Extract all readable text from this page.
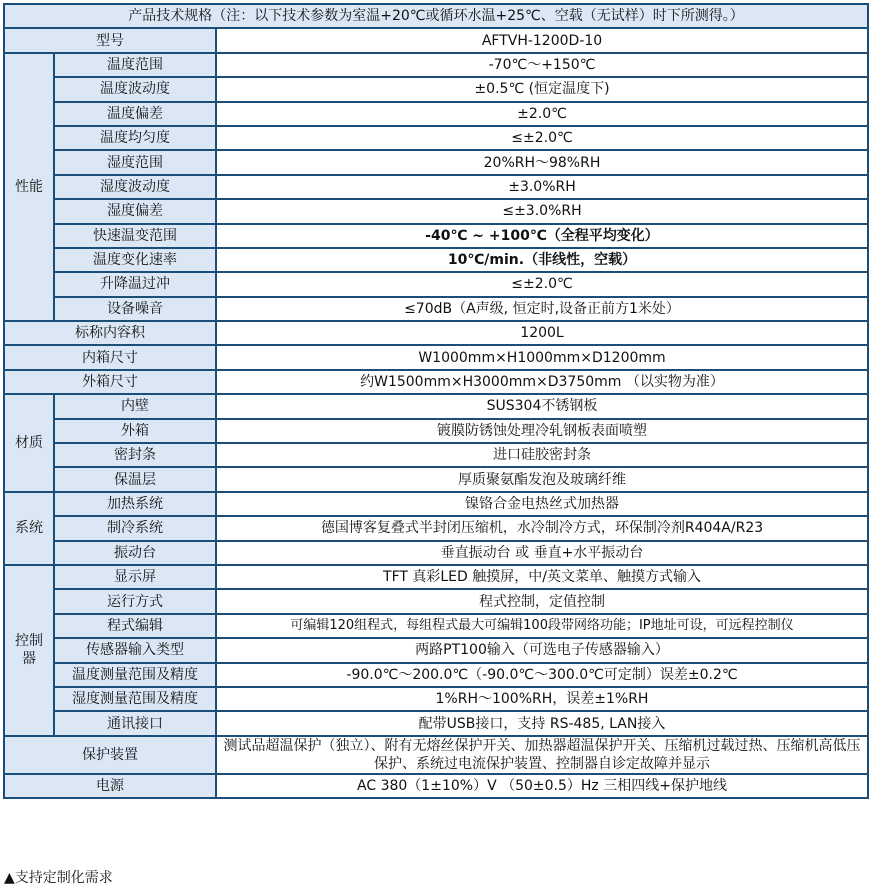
产品技术规格（注：以下技术参数为室温+20℃或循环水温+25℃、空载（无试样）时下所测得。）		
型号		AFTVH-1200D-10
性能	温度范围	-70℃～+150℃
	温度波动度	±0.5℃ (恒定温度下)
	温度偏差	±2.0℃
	温度均匀度	≤±2.0℃
	湿度范围	20%RH～98%RH
	湿度波动度	±3.0%RH
	湿度偏差	≤±3.0%RH
	快速温变范围	-40℃ ~ +100℃（全程平均变化）
	温度变化速率	10℃/min.（非线性，空载）
	升降温过冲	≤±2.0℃
	设备噪音	≤70dB（A声级, 恒定时,设备正前方1米处）
标称内容积		1200L
内箱尺寸		W1000mm×H1000mm×D1200mm
外箱尺寸		约W1500mm×H3000mm×D3750mm （以实物为准）
材质	内壁	SUS304不锈钢板
	外箱	镀膜防锈蚀处理冷轧钢板表面喷塑
	密封条	进口硅胶密封条
	保温层	厚质聚氨酯发泡及玻璃纤维
系统	加热系统	镍铬合金电热丝式加热器
	制冷系统	德国博客复叠式半封闭压缩机，水冷制冷方式，环保制冷剂R404A/R23
	振动台	垂直振动台 或 垂直+水平振动台
控制器	显示屏	TFT 真彩LED 触摸屏，中/英文菜单、触摸方式输入
	运行方式	程式控制，定值控制
	程式编辑	可编辑120组程式，每组程式最大可编辑100段带网络功能；IP地址可设，可远程控制仪
	传感器输入类型	两路PT100输入（可选电子传感器输入）
	温度测量范围及精度	-90.0℃～200.0℃（-90.0℃～300.0℃可定制）误差±0.2℃
	湿度测量范围及精度	1%RH～100%RH，误差±1%RH
	通讯接口	配带USB接口，支持 RS-485, LAN接入
保护装置		测试品超温保护（独立）、附有无熔丝保护开关、加热器超温保护开关、压缩机过载过热、压缩机高低压保护、系统过电流保护装置、控制器自诊定故障并显示
电源		AC 380（1±10%）V （50±0.5）Hz 三相四线+保护地线
▲支持定制化需求
